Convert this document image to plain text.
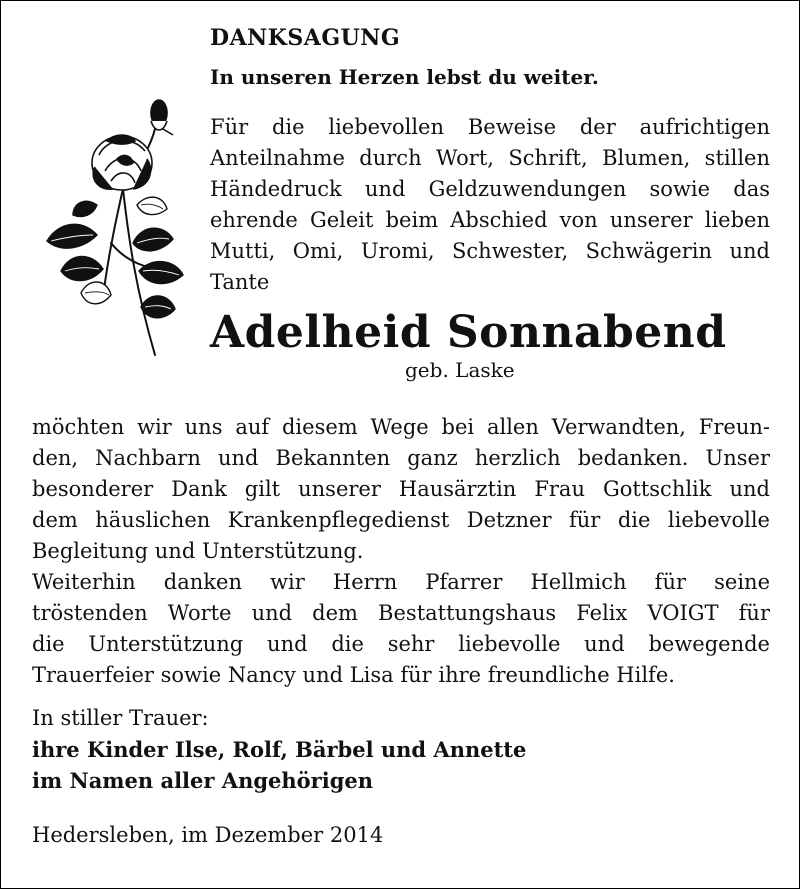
DANKSAGUNG
In unseren Herzen lebst du weiter.
Für die liebevollen Beweise der aufrichtigen
Anteilnahme durch Wort, Schrift, Blumen, stillen
Händedruck und Geldzuwendungen sowie das
ehrende Geleit beim Abschied von unserer lieben
Mutti, Omi, Uromi, Schwester, Schwägerin und
Tante
Adelheid Sonnabend
geb. Laske
möchten wir uns auf diesem Wege bei allen Verwandten, Freun-
den, Nachbarn und Bekannten ganz herzlich bedanken. Unser
besonderer Dank gilt unserer Hausärztin Frau Gottschlik und
dem häuslichen Krankenpflegedienst Detzner für die liebevolle
Begleitung und Unterstützung.
Weiterhin danken wir Herrn Pfarrer Hellmich für seine
tröstenden Worte und dem Bestattungshaus Felix VOIGT für
die Unterstützung und die sehr liebevolle und bewegende
Trauerfeier sowie Nancy und Lisa für ihre freundliche Hilfe.
In stiller Trauer:
ihre Kinder Ilse, Rolf, Bärbel und Annette
im Namen aller Angehörigen
Hedersleben, im Dezember 2014
